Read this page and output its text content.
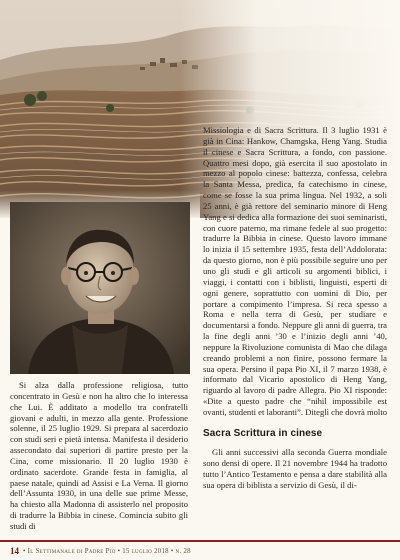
Missiologia e di Sacra Scrittura. Il 3 luglio 1931 è già in Cina: Hankow, Chamgska, Heng Yang. Studia il cinese e Sacra Scrittura, a fondo, con passione. Quattro mesi dopo, già esercita il suo apostolato in mezzo al popolo cinese: battezza, confessa, celebra la Santa Messa, predica, fa catechismo in cinese, come se fosse la sua prima lingua. Nel 1932, a soli 25 anni, è già rettore del seminario minore di Heng Yang e si dedica alla formazione dei suoi seminaristi, con cuore paterno, ma rimane fedele al suo progetto: tradurre la Bibbia in cinese. Questo lavoro immane lo inizia il 15 settembre 1935, festa dell’Addolorata: da questo giorno, non è più possibile seguire uno per uno gli studi e gli articoli su argomenti biblici, i viaggi, i contatti con i biblisti, linguisti, esperti di ogni genere, soprattutto con uomini di Dio, per portare a compimento l’impresa. Si reca spesso a Roma e nella terra di Gesù, per studiare e documentarsi a fondo. Neppure gli anni di guerra, tra la fine degli anni ’30 e l’inizio degli anni ’40, neppure la Rivoluzione comunista di Mao che dilaga creando problemi a non finire, possono fermare la sua opera. Persino il papa Pio XI, il 7 marzo 1938, è informato dal Vicario apostolico di Heng Yang, riguardo al lavoro di padre Allegra. Pio XI risponde: «Dite a questo padre che “nihil impossibile est ovanti, studenti et laboranti”. Diteglì che dovrà molto

Si alza dalla professione religiosa, tutto concentrato in Gesù e non ha altro che lo interessa che Lui. È additato a modello tra confratelli giovani e adulti, in mezzo alla gente. Professione solenne, il 25 luglio 1929. Si prepara al sacerdozio con studi seri e pietà intensa. Manifesta il desiderio assecondato dai superiori di partire presto per la Cina, come missionario. Il 20 luglio 1930 è ordinato sacerdote. Grande festa in famiglia, al paese natale, quindi ad Assisi e La Verna. Il giorno dell’Assunta 1930, in una delle sue prime Messe, ha chiesto alla Madonna di assisterlo nel proposito di tradurre la Bibbia in cinese. Comincia subito gli studi di

Sacra Scrittura in cinese

Gli anni successivi alla seconda Guerra mondiale sono densi di opere. Il 21 novembre 1944 ha tradotto tutto l’Antico Testamento e pensa a dare stabilità alla sua opera di biblista a servizio di Gesù, il di-

14 • Il Settimanale di Padre Pio • 15 luglio 2018 • n. 28
